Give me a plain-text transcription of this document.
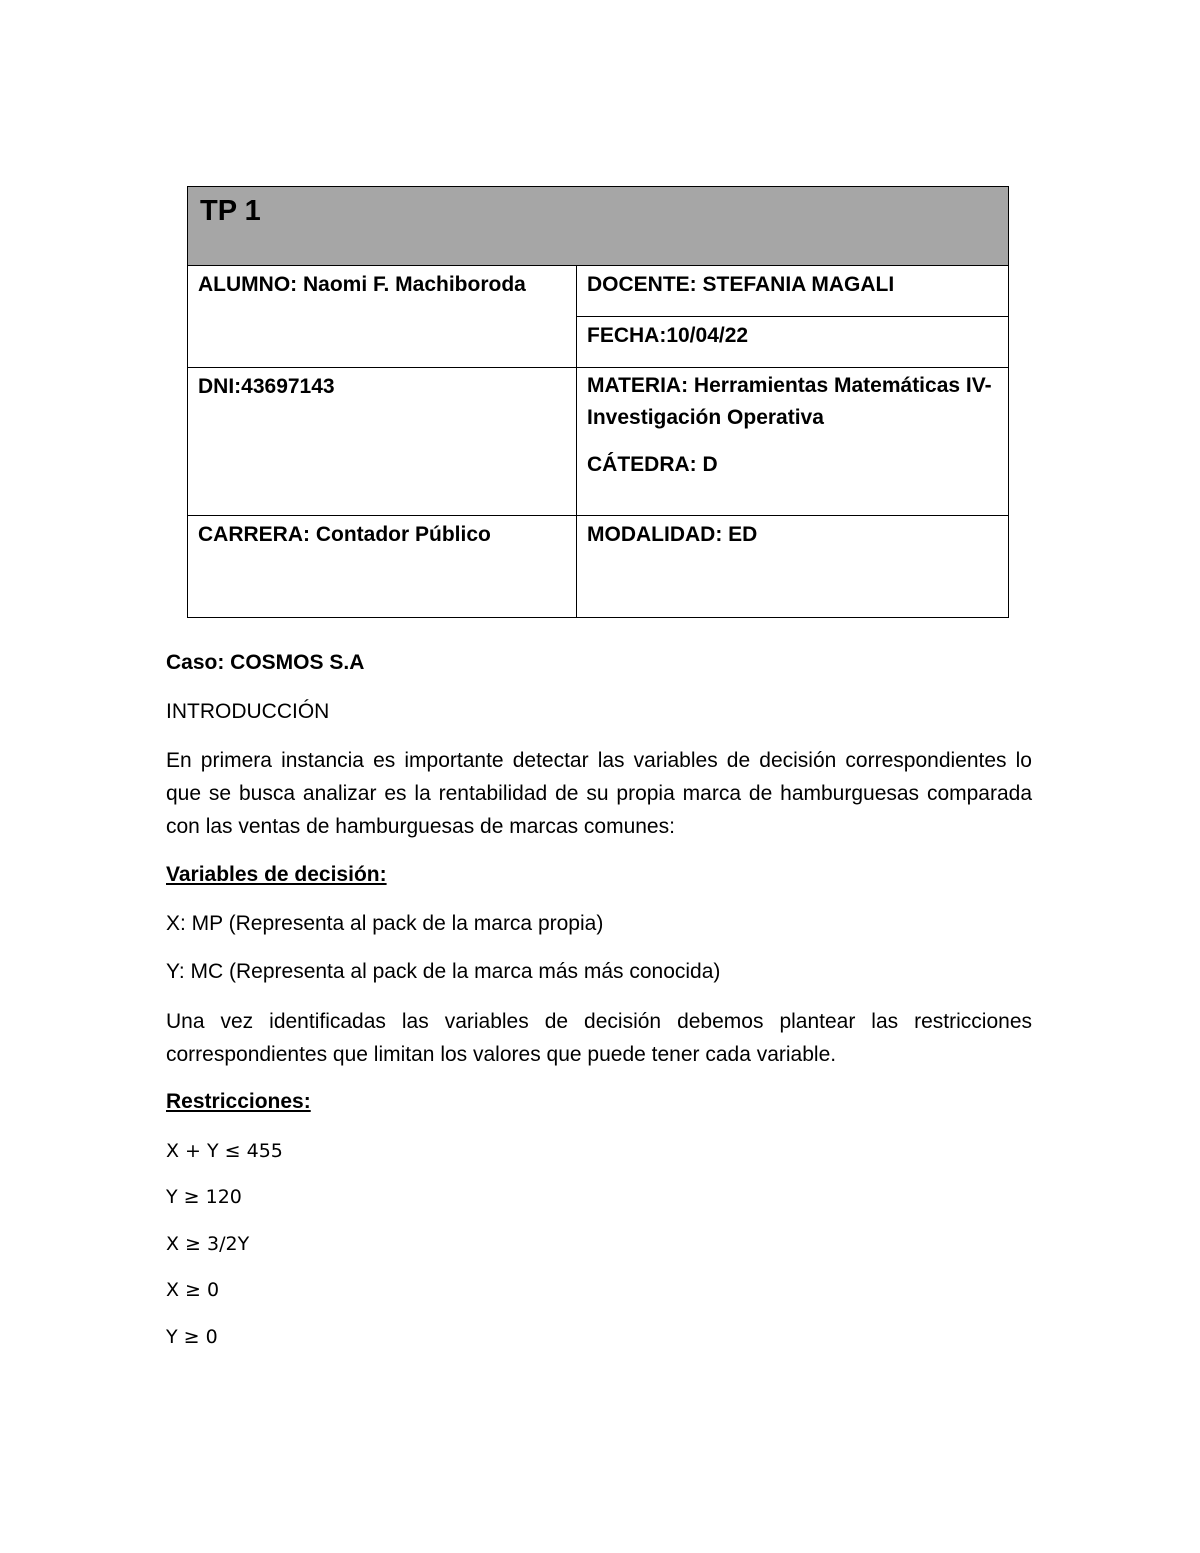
TP 1	

ALUMNO: Naomi F. Machiboroda	DOCENTE: STEFANIA MAGALI

	FECHA:10/04/22

DNI:43697143	MATERIA: Herramientas Matemáticas IV-
Investigación Operativa
CÁTEDRA: D

CARRERA: Contador Público	MODALIDAD: ED

Caso: COSMOS S.A

INTRODUCCIÓN

En primera instancia es importante detectar las variables de decisión correspondientes lo que se busca analizar es la rentabilidad de su propia marca de hamburguesas comparada con las ventas de hamburguesas de marcas comunes:

Variables de decisión:

X: MP (Representa al pack de la marca propia)

Y: MC (Representa al pack de la marca más más conocida)

Una vez identificadas las variables de decisión debemos plantear las restricciones correspondientes que limitan los valores que puede tener cada variable.

Restricciones:

X + Y ≤ 455

Y ≥ 120

X ≥ 3/2Y

X ≥ 0

Y ≥ 0
